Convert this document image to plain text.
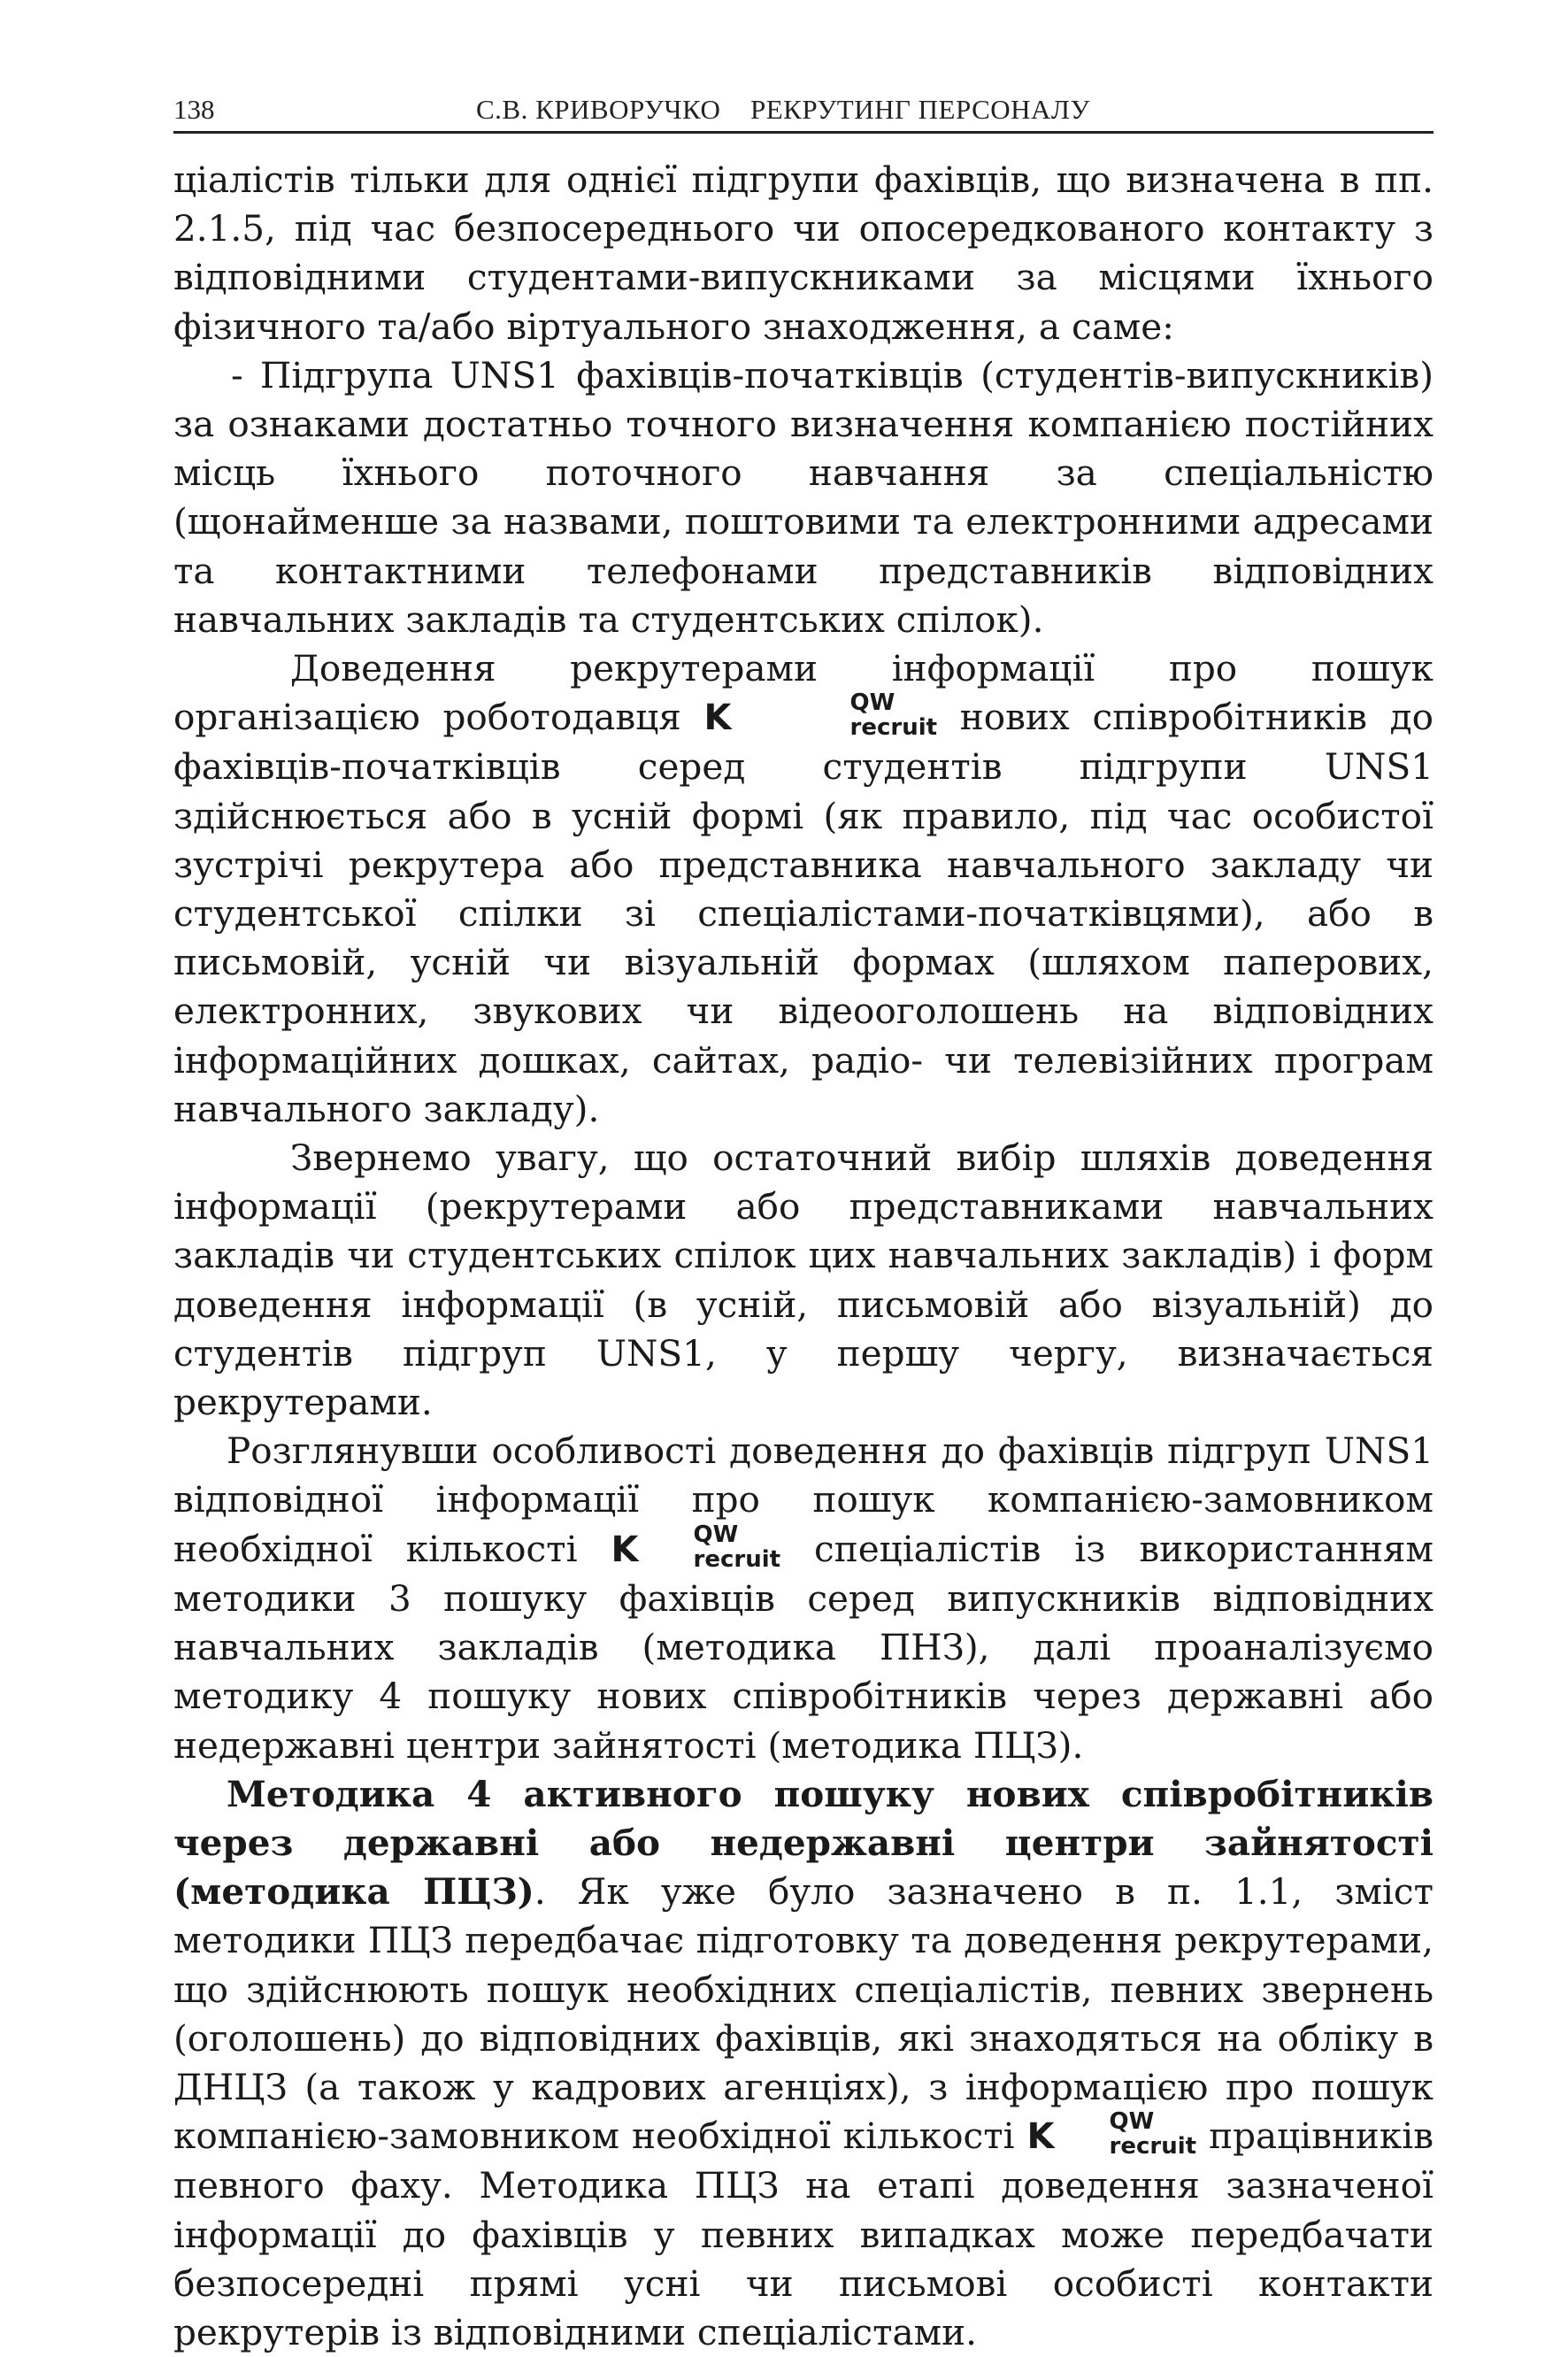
138	С.В. КРИВОРУЧКО РЕКРУТИНГ ПЕРСОНАЛУ

ціалістів тільки для однієї підгрупи фахівців, що визначена в пп. 2.1.5, під час безпосереднього чи опосередкованого контакту з відповідними студентами-випускниками за місцями їхнього фізичного та/або віртуального знаходження, а саме:

- Підгрупа UNS1 фахівців-початківців (студентів-випускників) за ознаками достатньо точного визначення компанією постійних місць їхнього поточного навчання за спеціальністю (щонайменше за назвами, поштовими та електронними адресами та контактними телефонами представників відповідних навчальних закладів та студентських спілок).

Доведення рекрутерами інформації про пошук організацією роботодавця K	QW
recruit нових співробітників до фахівців-початківців серед студентів підгрупи UNS1 здійснюється або в усній формі (як правило, під час особистої зустрічі рекрутера або представника навчального закладу чи студентської спілки зі спеціалістами-початківцями), або в письмовій, усній чи візуальній формах (шляхом паперових, електронних, звукових чи відеооголошень на відповідних інформаційних дошках, сайтах, радіо- чи телевізійних програм навчального закладу).

Звернемо увагу, що остаточний вибір шляхів доведення інформації (рекрутерами або представниками навчальних закладів чи студентських спілок цих навчальних закладів) і форм доведення інформації (в усній, письмовій або візуальній) до студентів підгруп UNS1, у першу чергу, визначається рекрутерами.

Розглянувши особливості доведення до фахівців підгруп UNS1 відповідної інформації про пошук компанією-замовником необхідної кількості K	QW
recruit спеціалістів із використанням методики 3 пошуку фахівців серед випускників відповідних навчальних закладів (методика ПНЗ), далі проаналізуємо методику 4 пошуку нових співробітників через державні або недержавні центри зайнятості (методика ПЦЗ).

Методика 4 активного пошуку нових співробітників через державні або недержавні центри зайнятості (методика ПЦЗ). Як уже було зазначено в п. 1.1, зміст методики ПЦЗ передбачає підготовку та доведення рекрутерами, що здійснюють пошук необхідних спеціалістів, певних звернень (оголошень) до відповідних фахівців, які знаходяться на обліку в ДНЦЗ (а також у кадрових агенціях), з інформацією про пошук компанією-замовником необхідної кількості K	QW
recruit працівників певного фаху. Методика ПЦЗ на етапі доведення зазначеної інформації до фахівців у певних випадках може передбачати безпосередні прямі усні чи письмові особисті контакти рекрутерів із відповідними спеціалістами.
